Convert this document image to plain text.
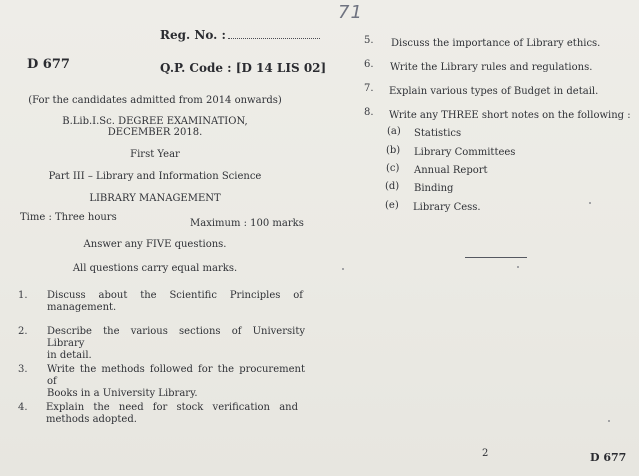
71
Reg. No. :
D 677	Q.P. Code : [D 14 LIS 02]
(For the candidates admitted from 2014 onwards)
B.Lib.I.Sc. DEGREE EXAMINATION,
DECEMBER 2018.
First Year
Part III – Library and Information Science
LIBRARY MANAGEMENT
Time : Three hours
Maximum : 100 marks
Answer any FIVE questions.
All questions carry equal marks.
1. Discuss about the Scientific Principles of
management.
2. Describe the various sections of University Library
in detail.
3. Write the methods followed for the procurement of
Books in a University Library.
4. Explain the need for stock verification and
methods adopted.
5. Discuss the importance of Library ethics.
6. Write the Library rules and regulations.
7. Explain various types of Budget in detail.
8. Write any THREE short notes on the following :
(a) Statistics
(b) Library Committees
(c) Annual Report
(d) Binding
(e) Library Cess.
2	D 677
